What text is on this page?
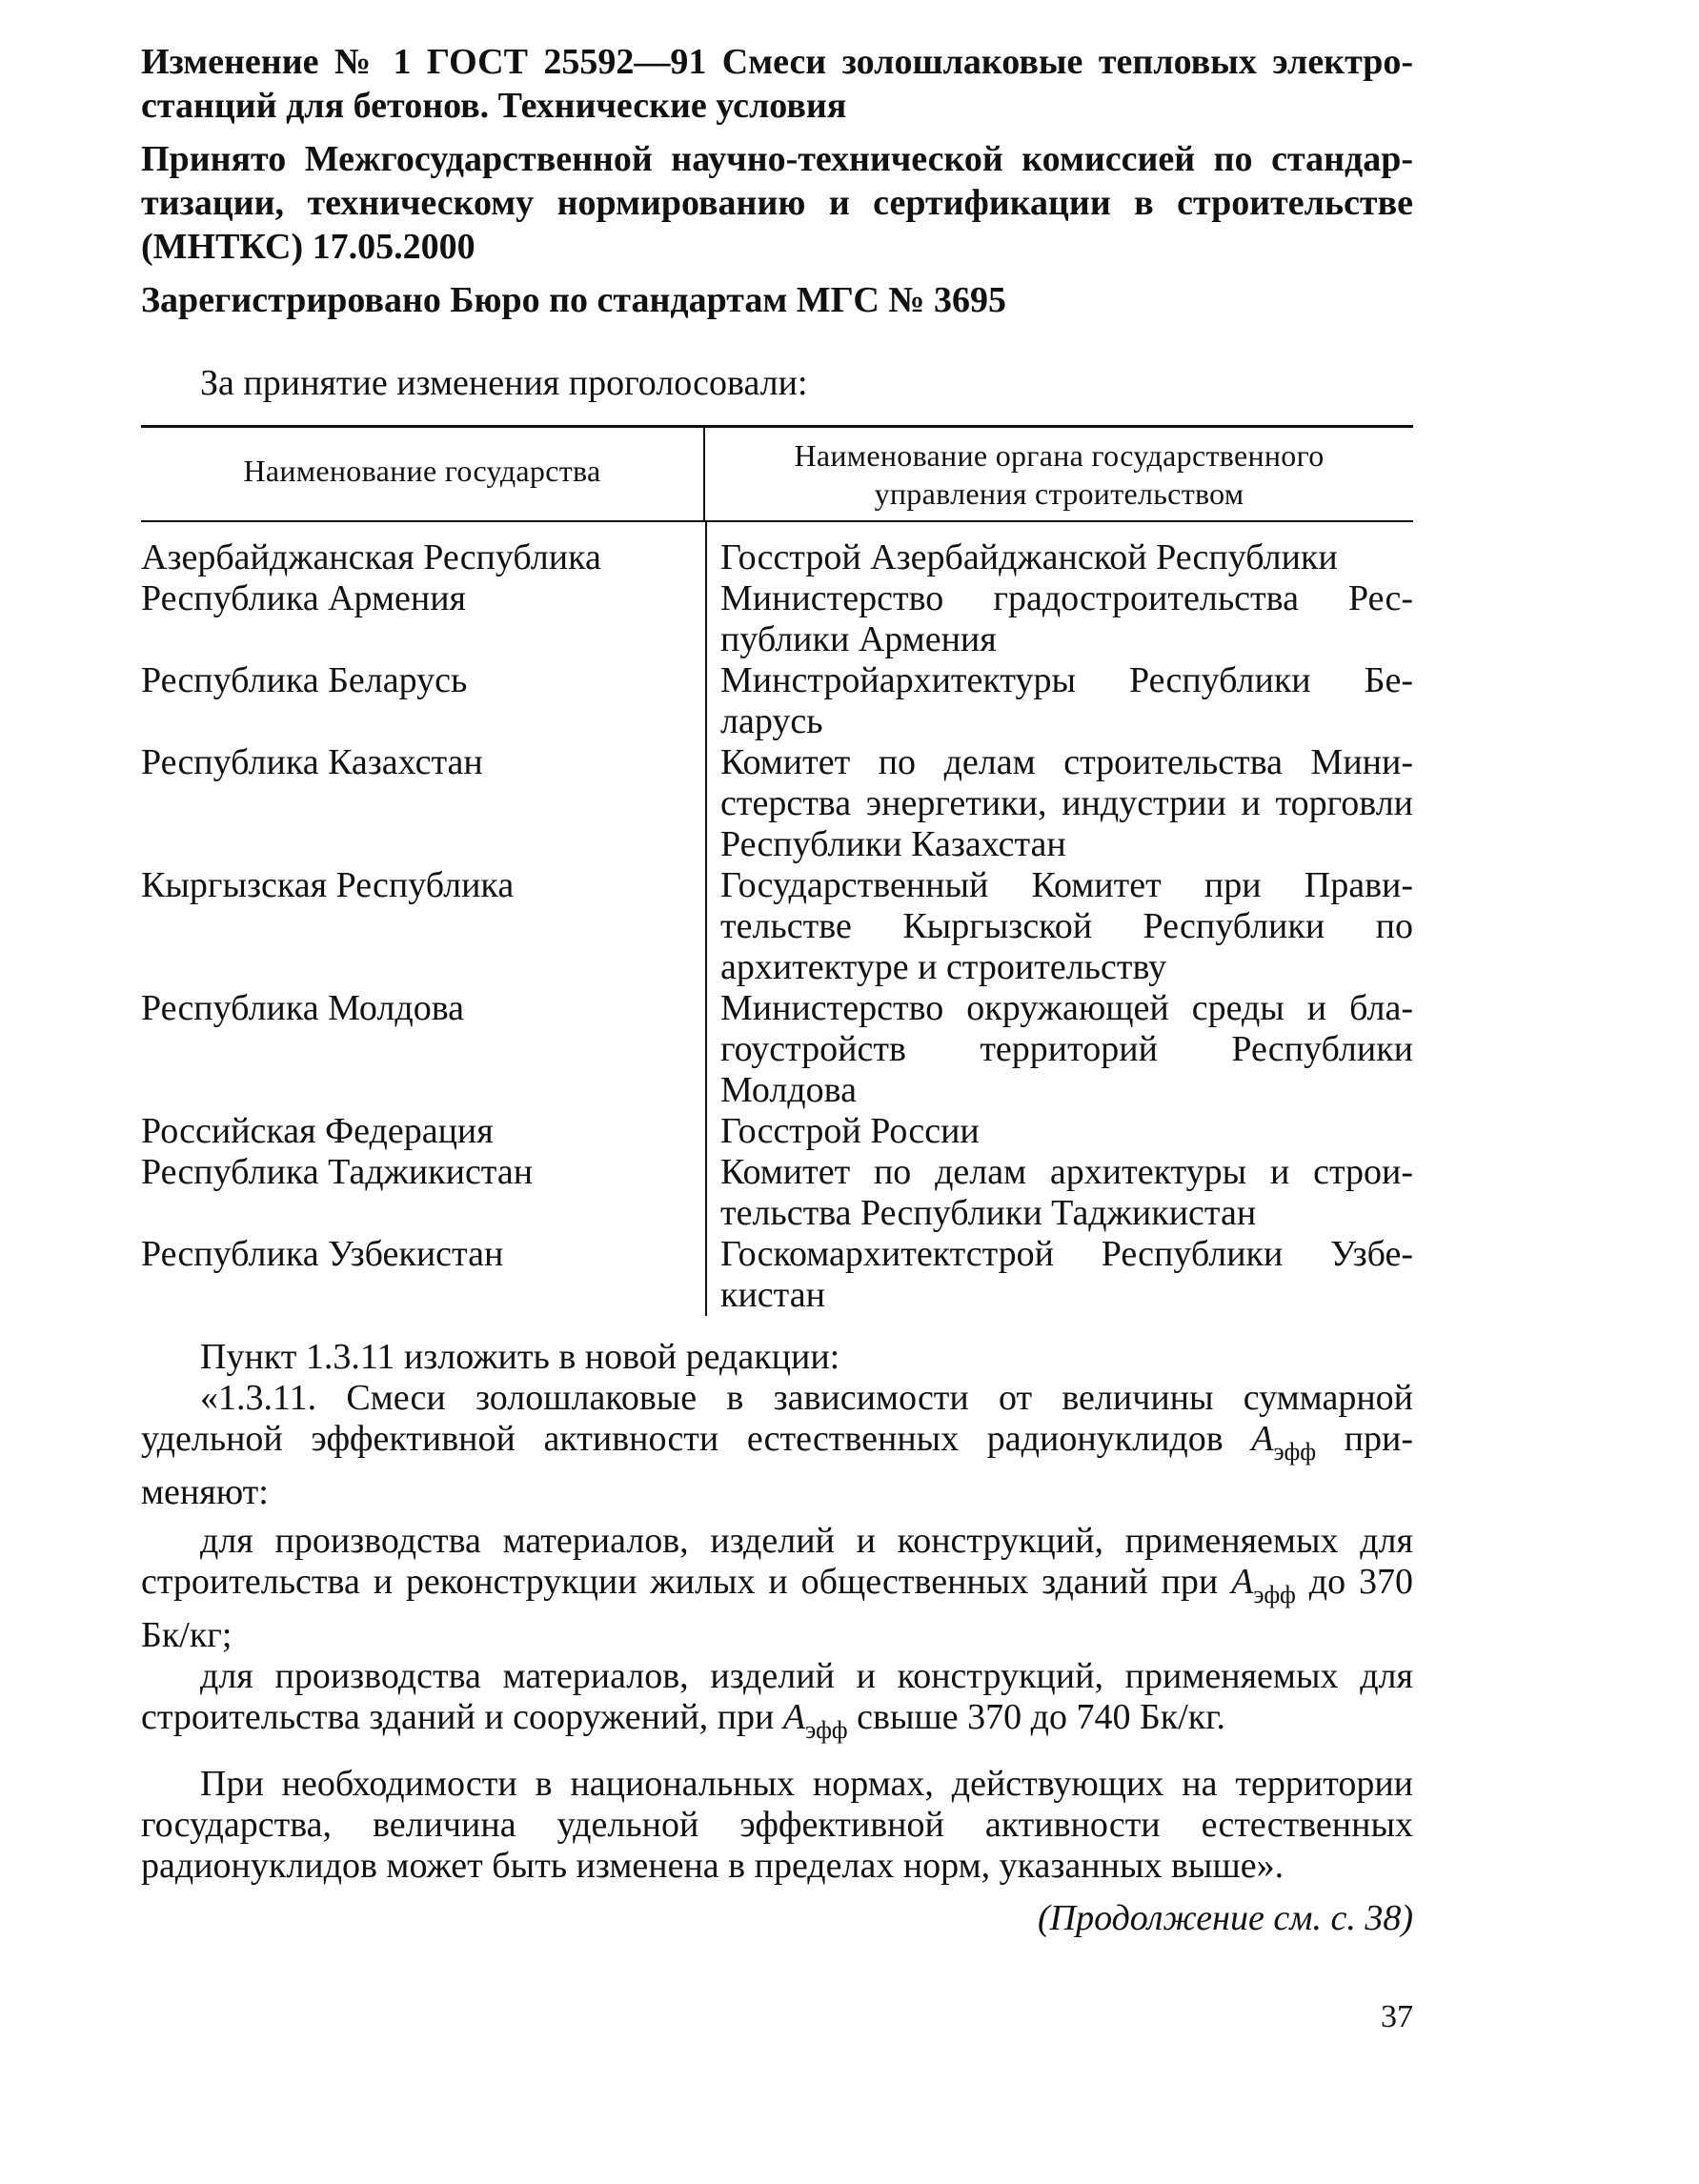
Изменение № 1 ГОСТ 25592—91 Смеси золошлаковые тепловых электростанций для бетонов. Технические условия

Принято Межгосударственной научно-технической комиссией по стандартизации, техническому нормированию и сертификации в строительстве (МНТКС) 17.05.2000

Зарегистрировано Бюро по стандартам МГС № 3695

За принятие изменения проголосовали:
Наименование государства	Наименование органа государственного управления строительством
Азербайджанская Республика	Госстрой Азербайджанской Республики
Республика Армения	Министерство градостроительства Республики Армения
Республика Беларусь	Минстройархитектуры Республики Беларусь
Республика Казахстан	Комитет по делам строительства Министерства энергетики, индустрии и торговли Республики Казахстан
Кыргызская Республика	Государственный Комитет при Правительстве Кыргызской Республики по архитектуре и строительству
Республика Молдова	Министерство окружающей среды и благоустройств территорий Республики Молдова
Российская Федерация	Госстрой России
Республика Таджикистан	Комитет по делам архитектуры и строительства Республики Таджикистан
Республика Узбекистан	Госкомархитектстрой Республики Узбекистан

Пункт 1.3.11 изложить в новой редакции:

«1.3.11. Смеси золошлаковые в зависимости от величины суммарной удельной эффективной активности естественных радионуклидов $A_{эфф}$ применяют:

для производства материалов, изделий и конструкций, применяемых для строительства и реконструкции жилых и общественных зданий при $A_{эфф}$ до 370 Бк/кг;

для производства материалов, изделий и конструкций, применяемых для строительства зданий и сооружений, при $A_{эфф}$ свыше 370 до 740 Бк/кг.

При необходимости в национальных нормах, действующих на территории государства, величина удельной эффективной активности естественных радионуклидов может быть изменена в пределах норм, указанных выше».

(Продолжение см. с. 38)
37
